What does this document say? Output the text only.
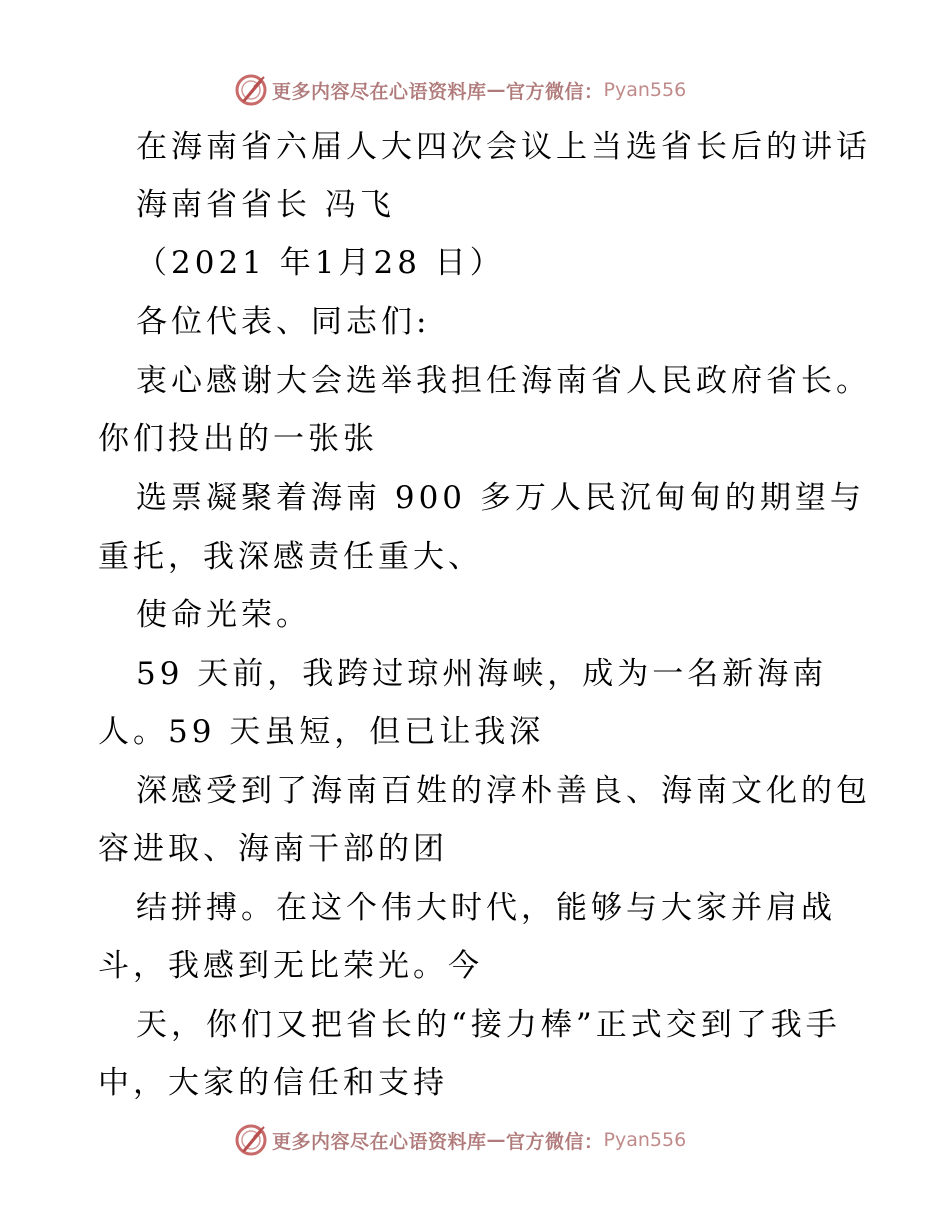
更多内容尽在心语资料库 — 官方微信： Pyan556
在海南省六届人大四次会议上当选省长后的讲话
海南省省长 冯飞
（2021 年1月28 日）
各位代表、同志们:
衷心感谢大会选举我担任海南省人民政府省长。
你们投出的一张张
选票凝聚着海南 900 多万人民沉甸甸的期望与
重托，我深感责任重大、
使命光荣。
59 天前，我跨过琼州海峡，成为一名新海南
人。59 天虽短，但已让我深
深感受到了海南百姓的淳朴善良、海南文化的包
容进取、海南干部的团
结拼搏。在这个伟大时代，能够与大家并肩战
斗，我感到无比荣光。今
天，你们又把省长的“接力棒”正式交到了我手
中，大家的信任和支持
更多内容尽在心语资料库 — 官方微信： Pyan556
